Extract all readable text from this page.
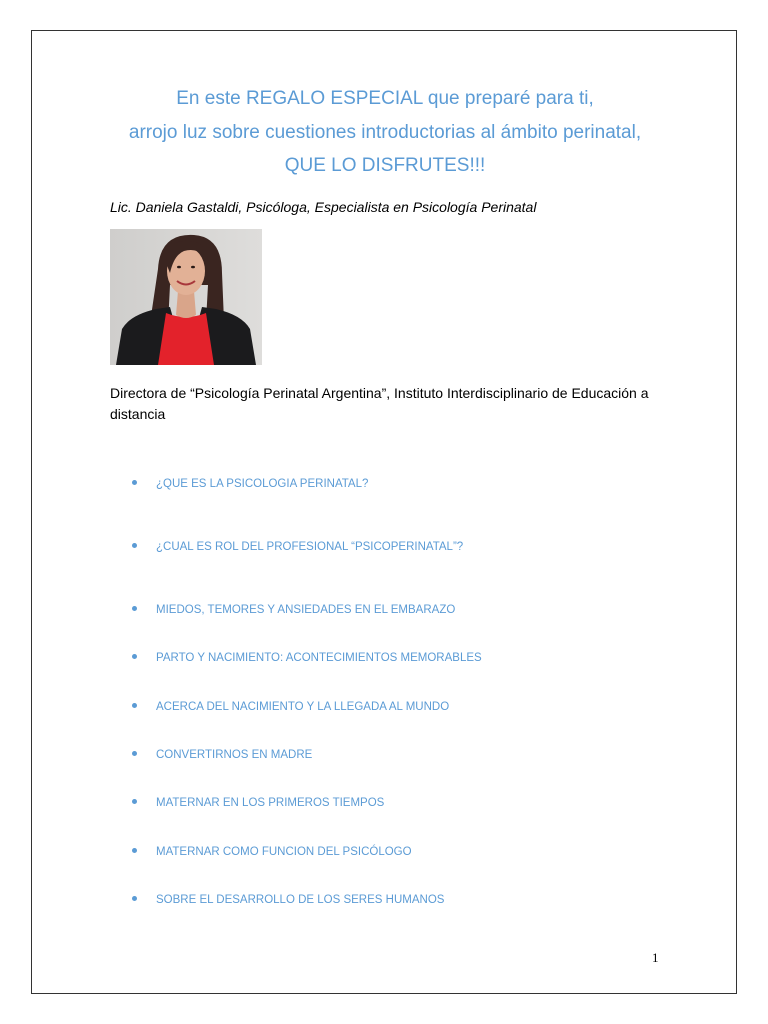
En este REGALO ESPECIAL que preparé para ti,
arrojo luz sobre cuestiones introductorias al ámbito perinatal,
QUE LO DISFRUTES!!!
Lic. Daniela Gastaldi, Psicóloga, Especialista en Psicología Perinatal
Directora de “Psicología Perinatal Argentina”, Instituto Interdisciplinario de Educación a distancia
¿QUE ES LA PSICOLOGIA PERINATAL?
¿CUAL ES ROL DEL PROFESIONAL “PSICOPERINATAL”?
MIEDOS, TEMORES Y ANSIEDADES EN EL EMBARAZO
PARTO Y NACIMIENTO: ACONTECIMIENTOS MEMORABLES
ACERCA DEL NACIMIENTO Y LA LLEGADA AL MUNDO
CONVERTIRNOS EN MADRE
MATERNAR EN LOS PRIMEROS TIEMPOS
MATERNAR COMO FUNCION DEL PSICÓLOGO
SOBRE EL DESARROLLO DE LOS SERES HUMANOS
1
